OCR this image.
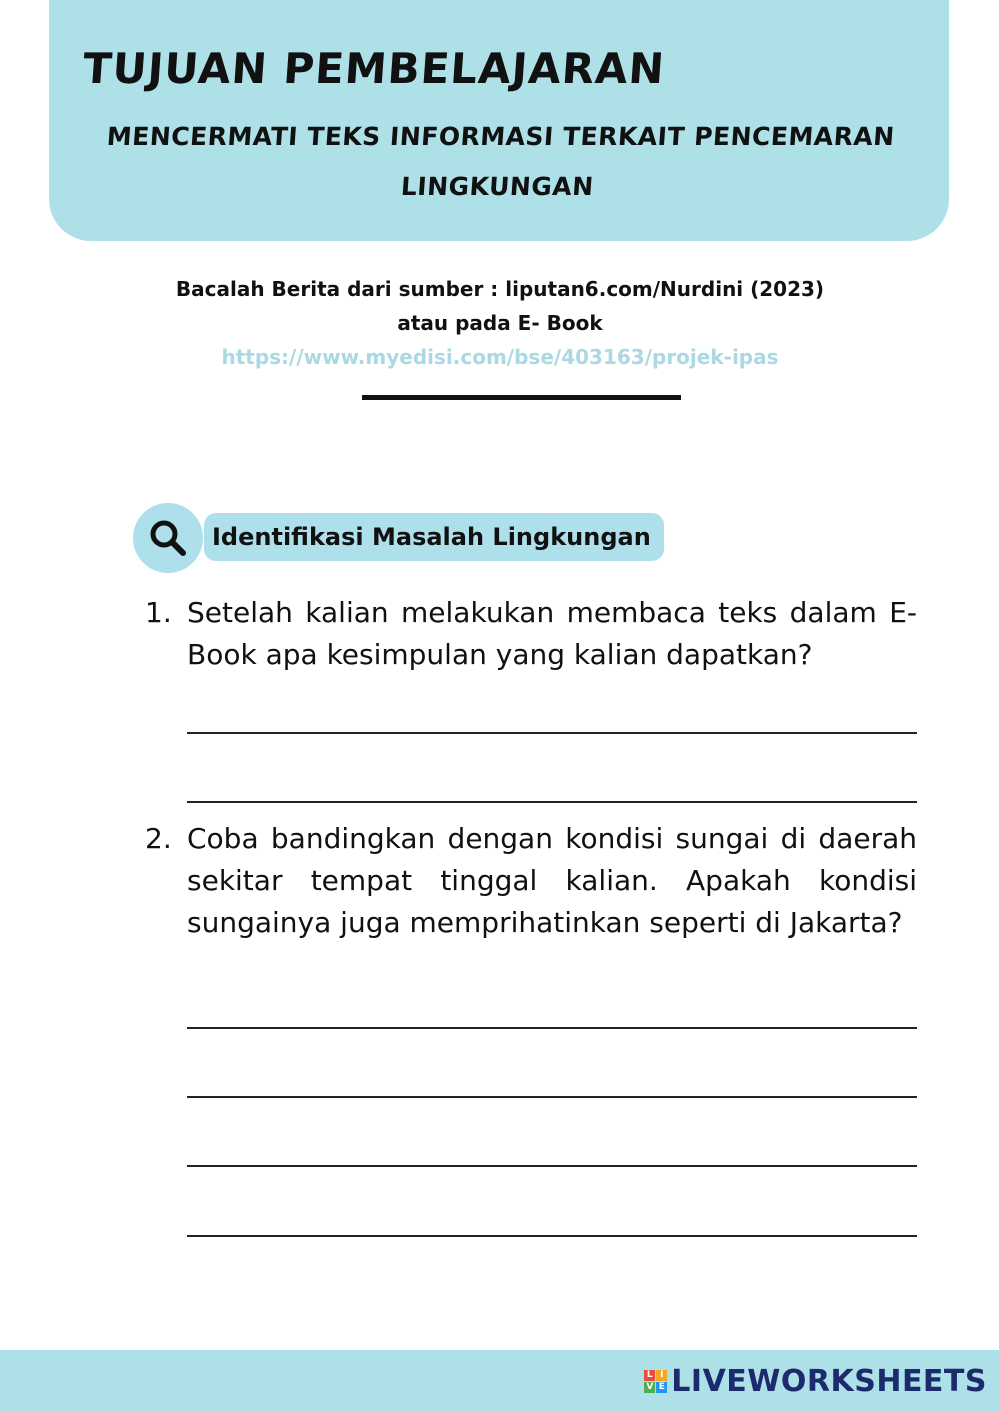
TUJUAN PEMBELAJARAN
MENCERMATI TEKS INFORMASI TERKAIT PENCEMARAN LINGKUNGAN
Bacalah Berita dari sumber : liputan6.com/Nurdini (2023)
atau pada E- Book
https://www.myedisi.com/bse/403163/projek-ipas
Identifikasi Masalah Lingkungan
1. Setelah kalian melakukan membaca teks dalam E-Book apa kesimpulan yang kalian dapatkan?
2. Coba bandingkan dengan kondisi sungai di daerah sekitar tempat tinggal kalian. Apakah kondisi sungainya juga memprihatinkan seperti di Jakarta?
L I
V E LIVEWORKSHEETS
